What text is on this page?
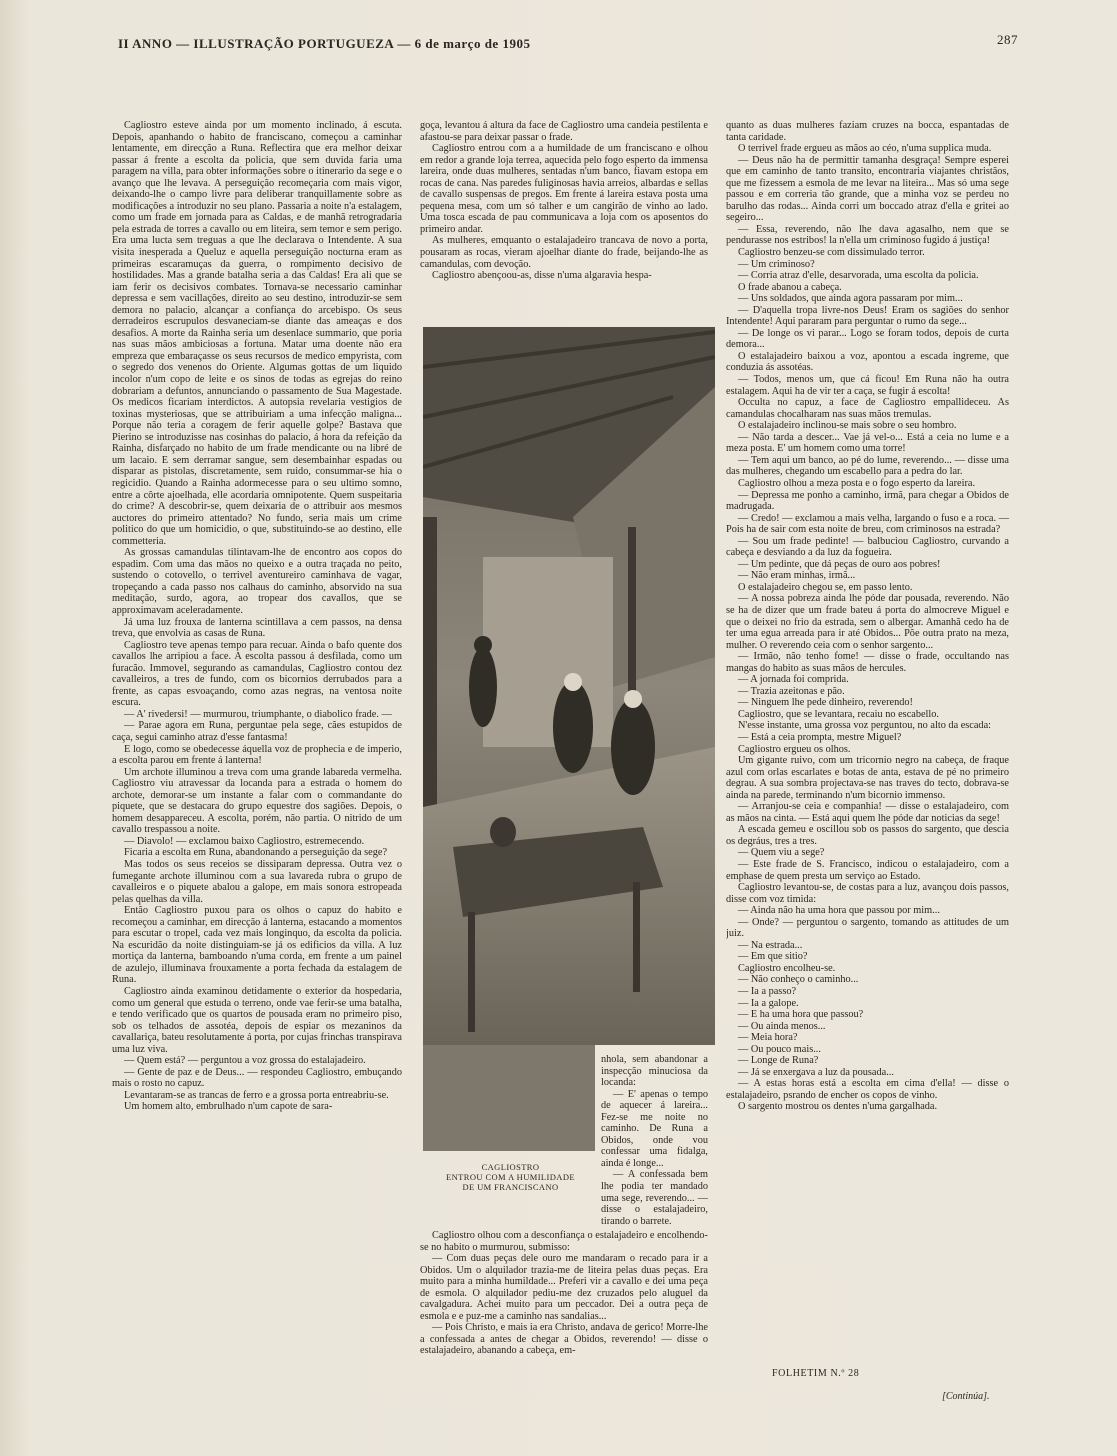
II ANNO — ILLUSTRAÇÃO PORTUGUEZA — 6 de março de 1905	287

Cagliostro esteve ainda por um momento inclinado, á escuta. Depois, apanhando o habito de franciscano, começou a caminhar lentamente, em direcção a Runa. Reflectira que era melhor deixar passar á frente a escolta da policia, que sem duvida faria uma paragem na villa, para obter informações sobre o itinerario da sege e o avanço que lhe levava. A perseguição recomeçaria com mais vigor, deixando-lhe o campo livre para deliberar tranquillamente sobre as modificações a introduzir no seu plano. Passaria a noite n'a estalagem, como um frade em jornada para as Caldas, e de manhã retrogradaria pela estrada de torres a cavallo ou em liteira, sem temor e sem perigo. Era uma lucta sem treguas a que lhe declarava o Intendente. A sua visita inesperada a Queluz e aquella perseguição nocturna eram as primeiras escaramuças da guerra, o rompimento decisivo de hostilidades. Mas a grande batalha seria a das Caldas! Era ali que se iam ferir os decisivos combates. Tornava-se necessario caminhar depressa e sem vacillações, direito ao seu destino, introduzir-se sem demora no palacio, alcançar a confiança do arcebispo. Os seus derradeiros escrupulos desvaneciam-se diante das ameaças e dos desafios. A morte da Rainha seria um desenlace summario, que poria nas suas mãos ambiciosas a fortuna. Matar uma doente não era empreza que embaraçasse os seus recursos de medico empyrista, com o segredo dos venenos do Oriente. Algumas gottas de um liquido incolor n'um copo de leite e os sinos de todas as egrejas do reino dobrariam a defuntos, annunciando o passamento de Sua Magestade. Os medicos ficariam interdictos. A autopsia revelaria vestigios de toxinas mysteriosas, que se attribuiriam a uma infecção maligna... Porque não teria a coragem de ferir aquelle golpe? Bastava que Pierino se introduzisse nas cosinhas do palacio, á hora da refeição da Rainha, disfarçado no habito de um frade mendicante ou na libré de um lacaio. E sem derramar sangue, sem desembainhar espadas ou disparar as pistolas, discretamente, sem ruido, consummar-se hia o regicidio. Quando a Rainha adormecesse para o seu ultimo somno, entre a côrte ajoelhada, elle acordaria omnipotente. Quem suspeitaria do crime? A descobrir-se, quem deixaria de o attribuir aos mesmos auctores do primeiro attentado? No fundo, seria mais um crime politico do que um homicidio, o que, substituindo-se ao destino, elle commetteria.

As grossas camandulas tilintavam-lhe de encontro aos copos do espadim. Com uma das mãos no queixo e a outra traçada no peito, sustendo o cotovello, o terrivel aventureiro caminhava de vagar, tropeçando a cada passo nos calhaus do caminho, absorvido na sua meditação, surdo, agora, ao tropear dos cavallos, que se approximavam aceleradamente.

Já uma luz frouxa de lanterna scintillava a cem passos, na densa treva, que envolvia as casas de Runa.

Cagliostro teve apenas tempo para recuar. Ainda o bafo quente dos cavallos lhe arripiou a face. A escolta passou á desfilada, como um furacão. Immovel, segurando as camandulas, Cagliostro contou dez cavalleiros, a tres de fundo, com os bicornios derrubados para a frente, as capas esvoaçando, como azas negras, na ventosa noite escura.

— A' rivedersi! — murmurou, triumphante, o diabolico frade. —

— Parae agora em Runa, perguntae pela sege, cães estupidos de caça, segui caminho atraz d'esse fantasma!

E logo, como se obedecesse áquella voz de prophecia e de imperio, a escolta parou em frente á lanterna!

Um archote illuminou a treva com uma grande labareda vermelha. Cagliostro viu atravessar da locanda para a estrada o homem do archote, demorar-se um instante a falar com o commandante do piquete, que se destacara do grupo equestre dos sagiões. Depois, o homem desappareceu. A escolta, porém, não partia. O nitrido de um cavallo trespassou a noite.

— Diavolo! — exclamou baixo Cagliostro, estremecendo.

Ficaria a escolta em Runa, abandonando a perseguição da sege?

Mas todos os seus receios se dissiparam depressa. Outra vez o fumegante archote illuminou com a sua lavareda rubra o grupo de cavalleiros e o piquete abalou a galope, em mais sonora estropeada pelas quelhas da villa.

Então Cagliostro puxou para os olhos o capuz do habito e recomeçou a caminhar, em direcção á lanterna, estacando a momentos para escutar o tropel, cada vez mais longinquo, da escolta da policia. Na escuridão da noite distinguiam-se já os edificios da villa. A luz mortiça da lanterna, bamboando n'uma corda, em frente a um painel de azulejo, illuminava frouxamente a porta fechada da estalagem de Runa.

Cagliostro ainda examinou detidamente o exterior da hospedaria, como um general que estuda o terreno, onde vae ferir-se uma batalha, e tendo verificado que os quartos de pousada eram no primeiro piso, sob os telhados de assotéa, depois de espiar os mezaninos da cavallariça, bateu resolutamente á porta, por cujas frinchas transpirava uma luz viva.

— Quem está? — perguntou a voz grossa do estalajadeiro.

— Gente de paz e de Deus... — respondeu Cagliostro, embuçando mais o rosto no capuz.

Levantaram-se as trancas de ferro e a grossa porta entreabriu-se.

Um homem alto, embrulhado n'um capote de sara-

goça, levantou á altura da face de Cagliostro uma candeia pestilenta e afastou-se para deixar passar o frade.

Cagliostro entrou com a a humildade de um franciscano e olhou em redor a grande loja terrea, aquecida pelo fogo esperto da immensa lareira, onde duas mulheres, sentadas n'um banco, fiavam estopa em rocas de cana. Nas paredes fuliginosas havia arreios, albardas e sellas de cavallo suspensas de pregos. Em frente á lareira estava posta uma pequena mesa, com um só talher e um cangirão de vinho ao lado. Uma tosca escada de pau communicava a loja com os aposentos do primeiro andar.

As mulheres, emquanto o estalajadeiro trancava de novo a porta, pousaram as rocas, vieram ajoelhar diante do frade, beijando-lhe as camandulas, com devoção.

Cagliostro abençoou-as, disse n'uma algaravia hespa-

CAGLIOSTRO
ENTROU COM A HUMILIDADE
DE UM FRANCISCANO

nhola, sem abandonar a inspecção minuciosa da locanda:

— E' apenas o tempo de aquecer á lareira... Fez-se me noite no caminho. De Runa a Obidos, onde vou confessar uma fidalga, ainda é longe...

— A confessada bem lhe podia ter mandado uma sege, reverendo... — disse o estalajadeiro, tirando o barrete.

Cagliostro olhou com a desconfiança o estalajadeiro e encolhendo-se no habito o murmurou, submisso:

— Com duas peças dele ouro me mandaram o recado para ir a Obidos. Um o alquilador trazia-me de liteira pelas duas peças. Era muito para a minha humildade... Preferi vir a cavallo e dei uma peça de esmola. O alquilador pediu-me dez cruzados pelo aluguel da cavalgadura. Achei muito para um peccador. Dei a outra peça de esmola e e puz-me a caminho nas sandalias...

— Pois Christo, e mais ia era Christo, andava de gerico! Morre-lhe a confessada a antes de chegar a Obidos, reverendo! — disse o estalajadeiro, abanando a cabeça, em-

quanto as duas mulheres faziam cruzes na bocca, espantadas de tanta caridade.

O terrivel frade ergueu as mãos ao céo, n'uma supplica muda.

— Deus não ha de permittir tamanha desgraça! Sempre esperei que em caminho de tanto transito, encontraria viajantes christãos, que me fizessem a esmola de me levar na liteira... Mas só uma sege passou e em correria tão grande, que a minha voz se perdeu no barulho das rodas... Ainda corri um boccado atraz d'ella e gritei ao segeiro...

— Essa, reverendo, não lhe dava agasalho, nem que se pendurasse nos estribos! la n'ella um criminoso fugido á justiça!

Cagliostro benzeu-se com dissimulado terror.

— Um criminoso?

— Corria atraz d'elle, desarvorada, uma escolta da policia.

O frade abanou a cabeça.

— Uns soldados, que ainda agora passaram por mim...

— D'aquella tropa livre-nos Deus! Eram os sagiões do senhor Intendente! Aqui pararam para perguntar o rumo da sege...

— De longe os vi parar... Logo se foram todos, depois de curta demora...

O estalajadeiro baixou a voz, apontou a escada ingreme, que conduzia ás assotéas.

— Todos, menos um, que cá ficou! Em Runa não ha outra estalagem. Aqui ha de vir ter a caça, se fugir á escolta!

Occulta no capuz, a face de Cagliostro empallideceu. As camandulas chocalharam nas suas mãos tremulas.

O estalajadeiro inclinou-se mais sobre o seu hombro.

— Não tarda a descer... Vae já vel-o... Está a ceia no lume e a meza posta. E' um homem como uma torre!

— Tem aqui um banco, ao pé do lume, reverendo... — disse uma das mulheres, chegando um escabello para a pedra do lar.

Cagliostro olhou a meza posta e o fogo esperto da lareira.

— Depressa me ponho a caminho, irmã, para chegar a Obidos de madrugada.

— Credo! — exclamou a mais velha, largando o fuso e a roca. — Pois ha de sair com esta noite de breu, com criminosos na estrada?

— Sou um frade pedinte! — balbuciou Cagliostro, curvando a cabeça e desviando a da luz da fogueira.

— Um pedinte, que dá peças de ouro aos pobres!

— Não eram minhas, irmã...

O estalajadeiro chegou se, em passo lento.

— A nossa pobreza ainda lhe póde dar pousada, reverendo. Não se ha de dizer que um frade bateu á porta do almocreve Miguel e que o deixei no frio da estrada, sem o albergar. Amanhã cedo ha de ter uma egua arreada para ir até Obidos... Põe outra prato na meza, mulher. O reverendo ceia com o senhor sargento...

— Irmão, não tenho fome! — disse o frade, occultando nas mangas do habito as suas mãos de hercules.

— A jornada foi comprida.

— Trazia azeitonas e pão.

— Ninguem lhe pede dinheiro, reverendo!

Cagliostro, que se levantara, recaiu no escabello.

N'esse instante, uma grossa voz perguntou, no alto da escada:

— Está a ceia prompta, mestre Miguel?

Cagliostro ergueu os olhos.

Um gigante ruivo, com um tricornio negro na cabeça, de fraque azul com orlas escarlates e botas de anta, estava de pé no primeiro degrau. A sua sombra projectava-se nas traves do tecto, dobrava-se ainda na parede, terminando n'um bicornio immenso.

— Arranjou-se ceia e companhia! — disse o estalajadeiro, com as mãos na cinta. — Está aqui quem lhe póde dar noticias da sege!

A escada gemeu e oscillou sob os passos do sargento, que descia os degráus, tres a tres.

— Quem viu a sege?

— Este frade de S. Francisco, indicou o estalajadeiro, com a emphase de quem presta um serviço ao Estado.

Cagliostro levantou-se, de costas para a luz, avançou dois passos, disse com voz timida:

— Ainda não ha uma hora que passou por mim...

— Onde? — perguntou o sargento, tomando as attitudes de um juiz.

— Na estrada...

— Em que sitio?

Cagliostro encolheu-se.

— Não conheço o caminho...

— Ia a passo?

— Ia a galope.

— E ha uma hora que passou?

— Ou ainda menos...

— Meia hora?

— Ou pouco mais...

— Longe de Runa?

— Já se enxergava a luz da pousada...

— A estas horas está a escolta em cima d'ella! — disse o estalajadeiro, psrando de encher os copos de vinho.

O sargento mostrou os dentes n'uma gargalhada.

FOLHETIM N.º 28
[Continúa].
